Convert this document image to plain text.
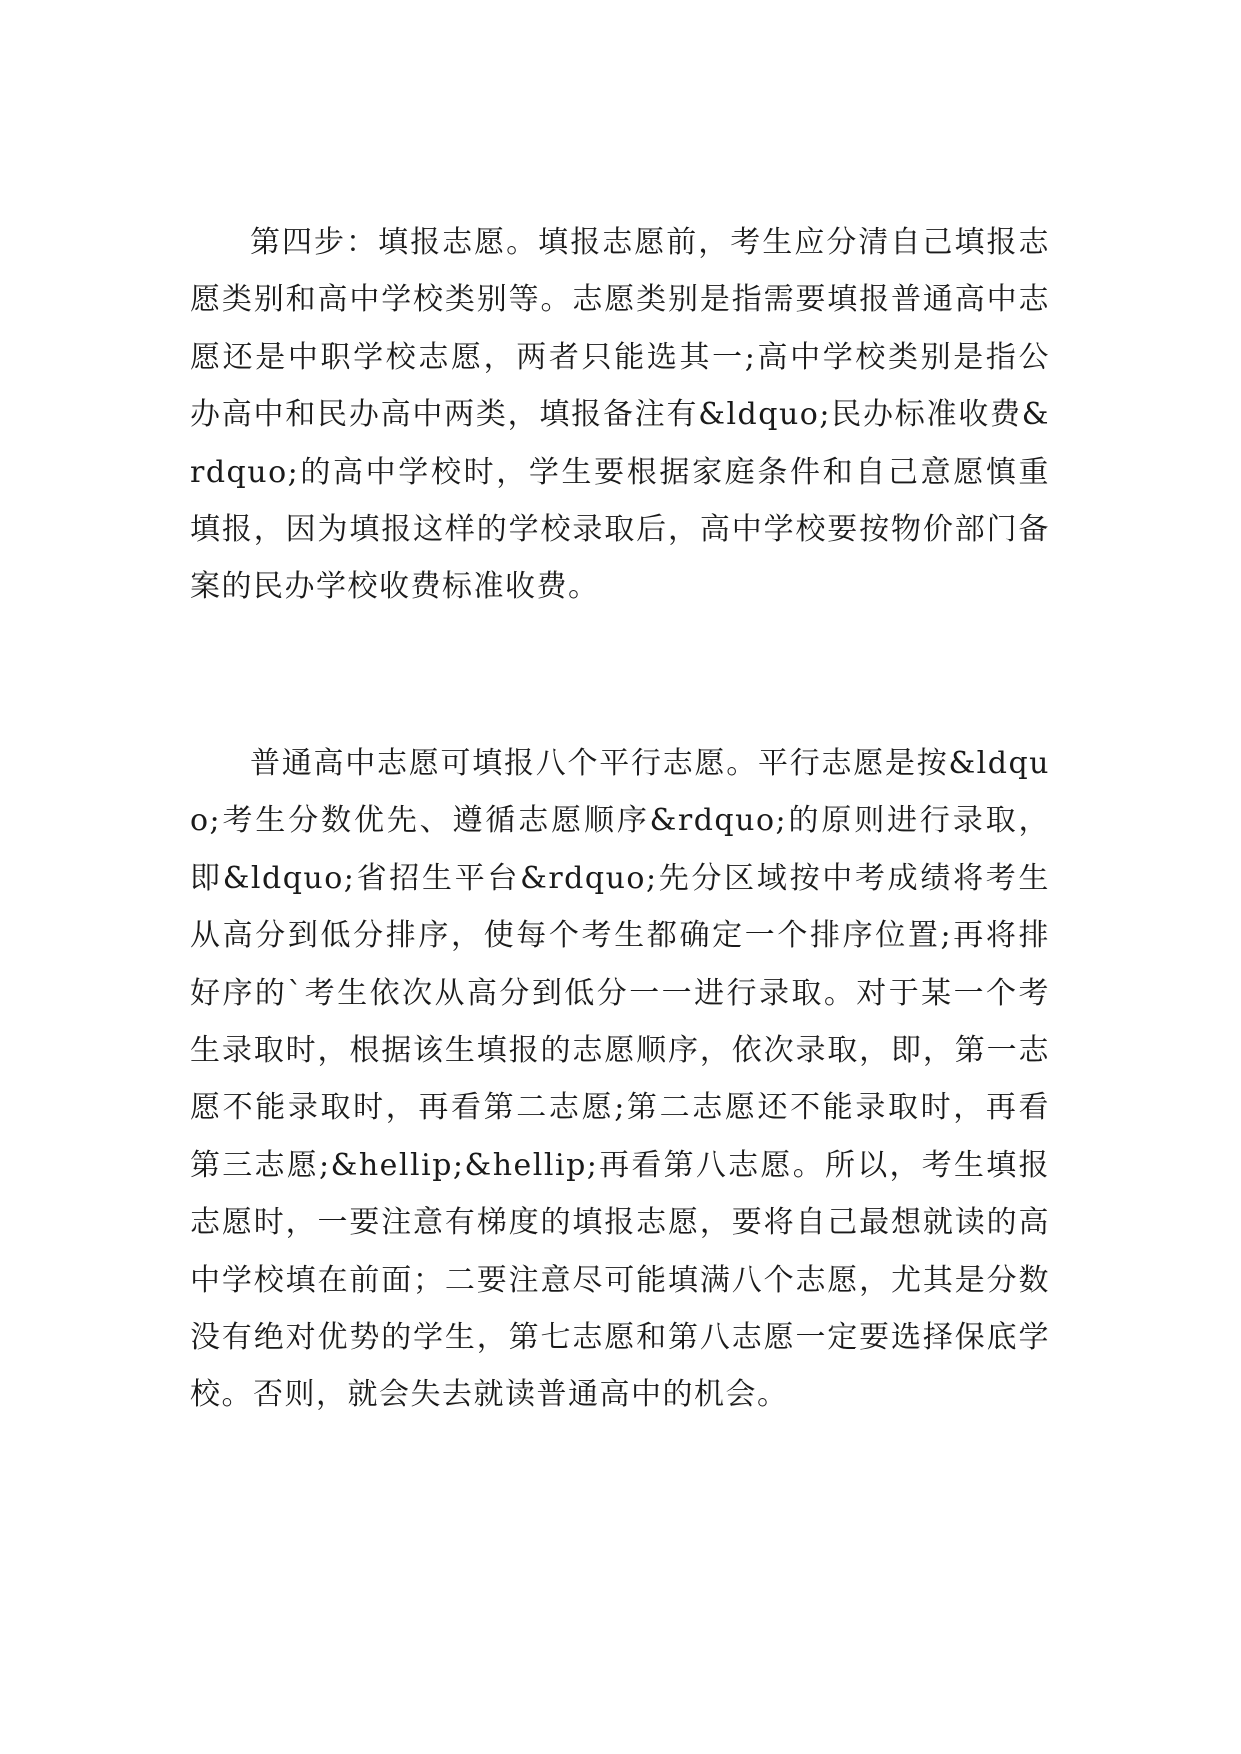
第四步：填报志愿。填报志愿前，考生应分清自己填报志愿类别和高中学校类别等。志愿类别是指需要填报普通高中志愿还是中职学校志愿，两者只能选其一;高中学校类别是指公办高中和民办高中两类，填报备注有&ldquo;民办标准收费&rdquo;的高中学校时，学生要根据家庭条件和自己意愿慎重填报，因为填报这样的学校录取后，高中学校要按物价部门备案的民办学校收费标准收费。

普通高中志愿可填报八个平行志愿。平行志愿是按&ldquo;考生分数优先、遵循志愿顺序&rdquo;的原则进行录取，即&ldquo;省招生平台&rdquo;先分区域按中考成绩将考生从高分到低分排序，使每个考生都确定一个排序位置;再将排好序的`考生依次从高分到低分一一进行录取。对于某一个考生录取时，根据该生填报的志愿顺序，依次录取，即，第一志愿不能录取时，再看第二志愿;第二志愿还不能录取时，再看第三志愿;&hellip;&hellip;再看第八志愿。所以，考生填报志愿时，一要注意有梯度的填报志愿，要将自己最想就读的高中学校填在前面；二要注意尽可能填满八个志愿，尤其是分数没有绝对优势的学生，第七志愿和第八志愿一定要选择保底学校。否则，就会失去就读普通高中的机会。
